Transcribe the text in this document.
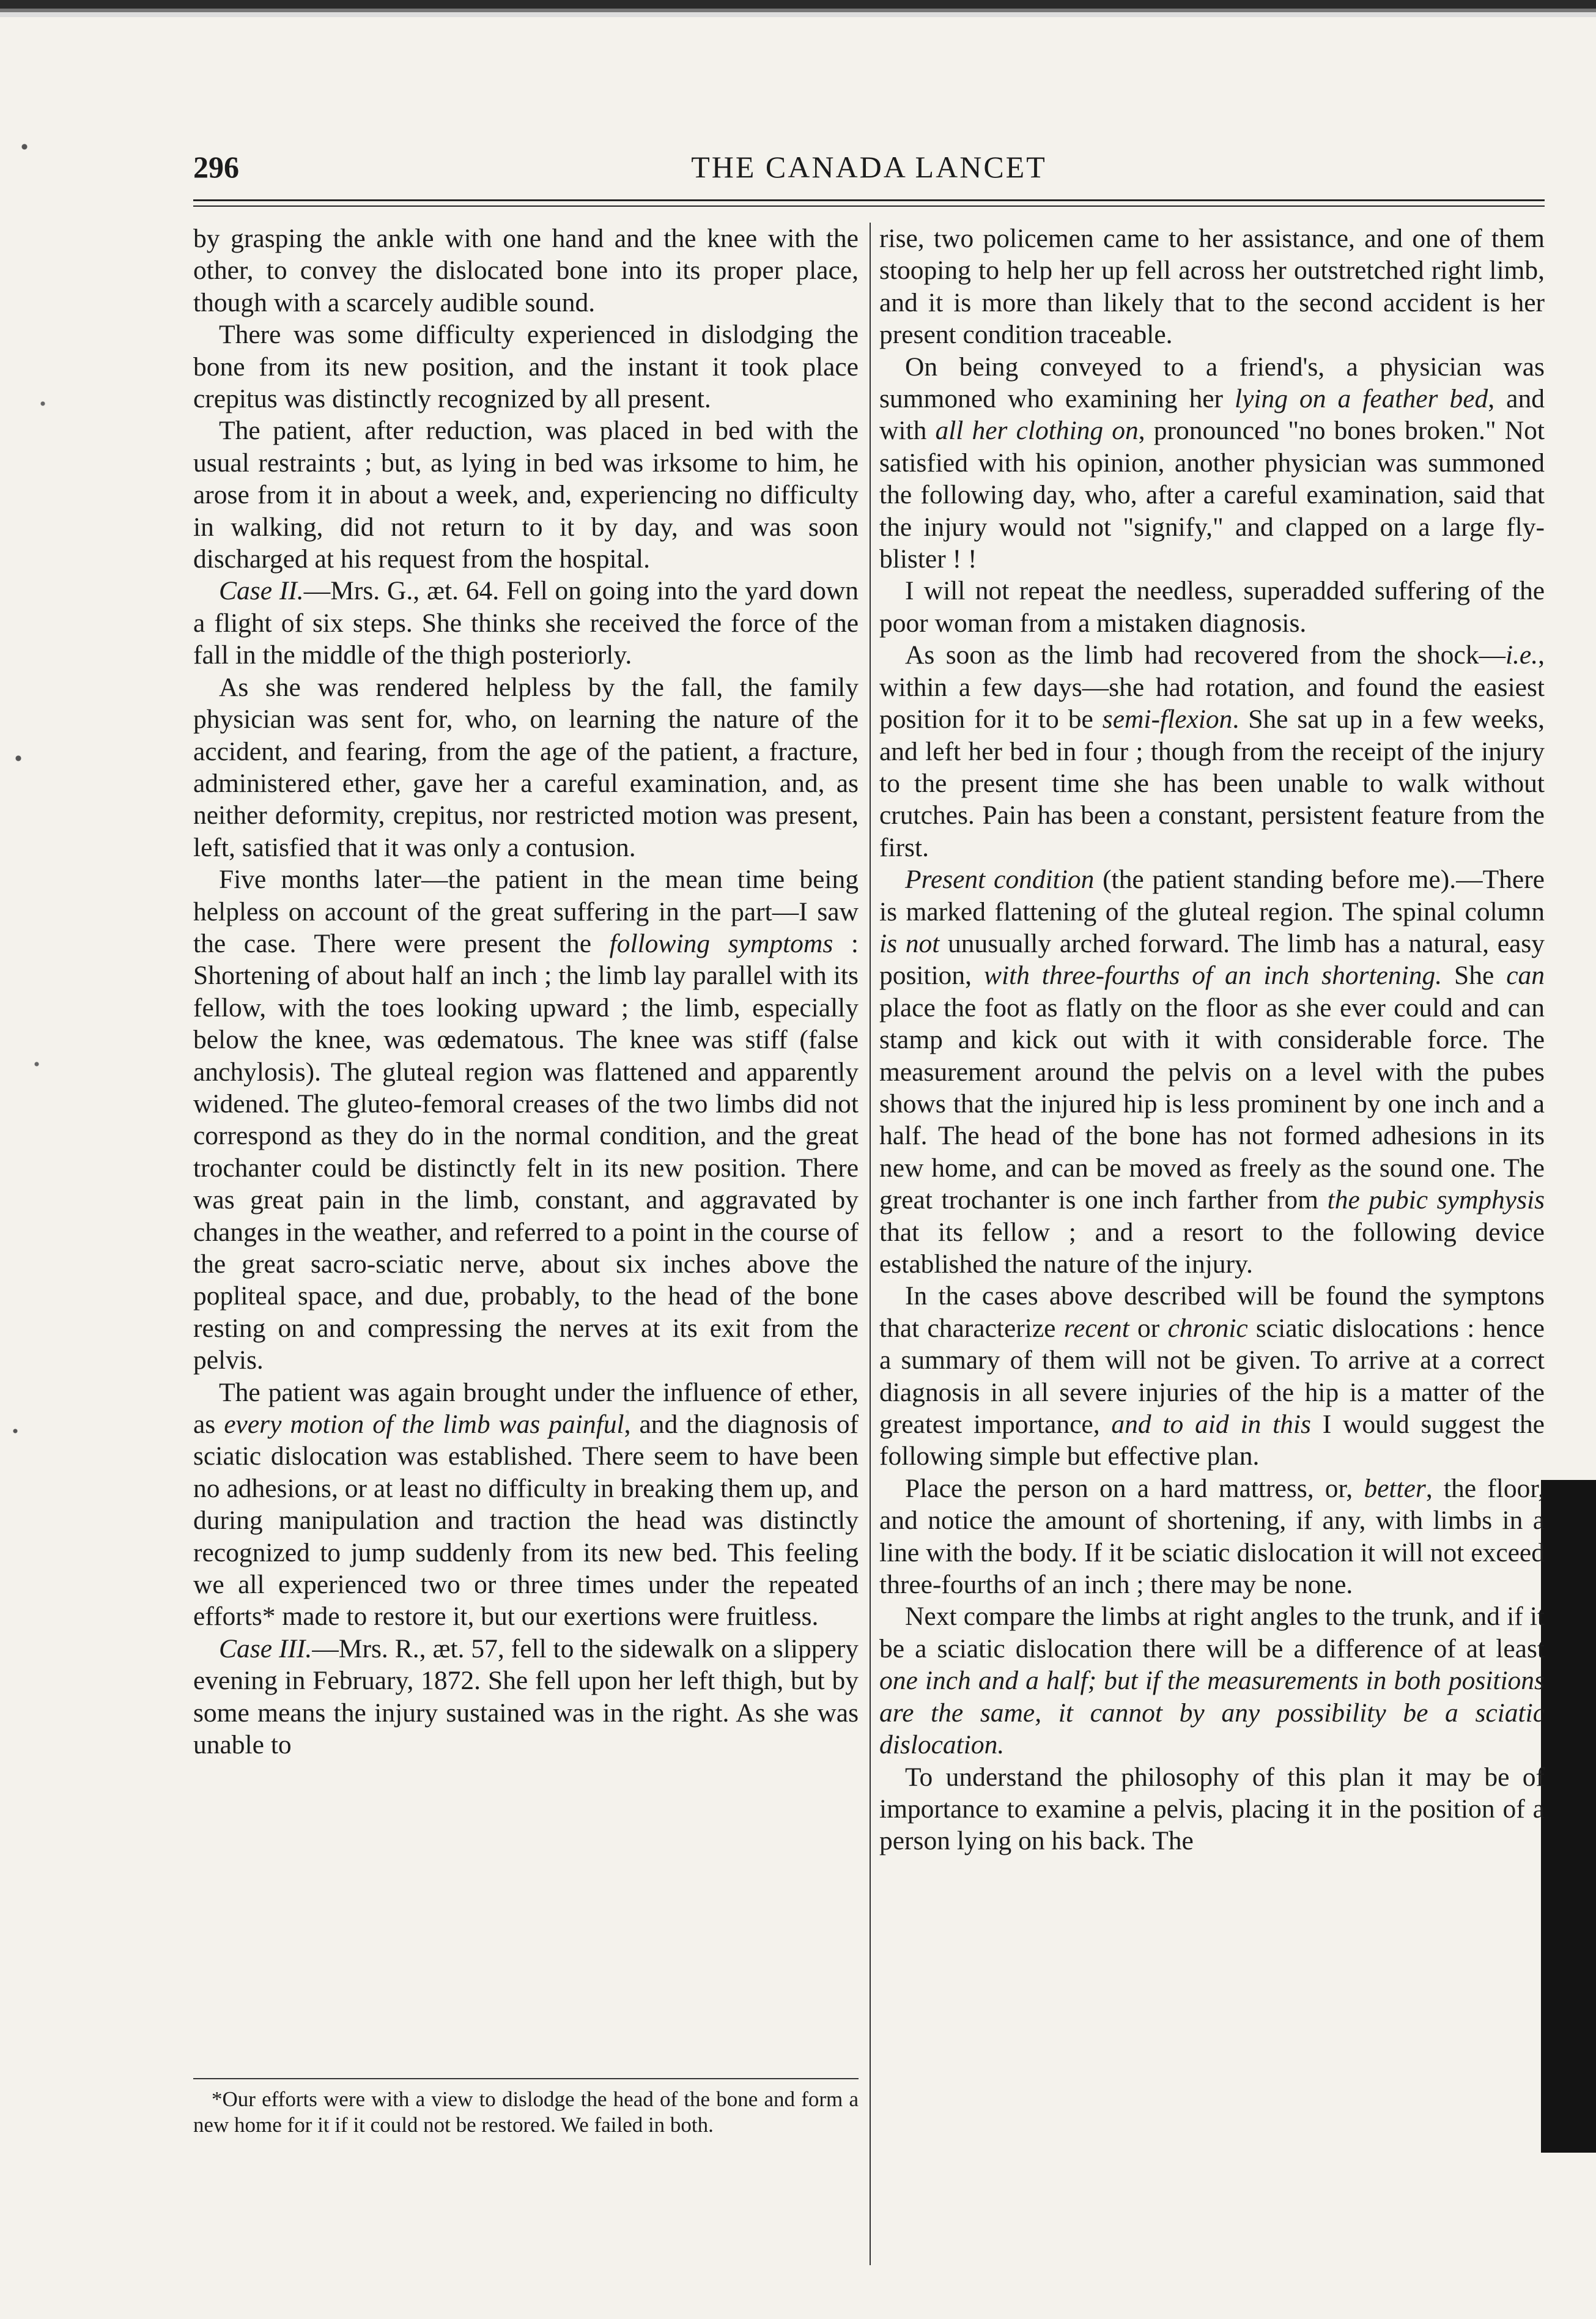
296	THE CANADA LANCET

by grasping the ankle with one hand and the knee with the other, to convey the dislocated bone into its proper place, though with a scarcely audible sound.

There was some difficulty experienced in dislodging the bone from its new position, and the instant it took place crepitus was distinctly recognized by all present.

The patient, after reduction, was placed in bed with the usual restraints ; but, as lying in bed was irksome to him, he arose from it in about a week, and, experiencing no difficulty in walking, did not return to it by day, and was soon discharged at his request from the hospital.

Case II.—Mrs. G., æt. 64. Fell on going into the yard down a flight of six steps. She thinks she received the force of the fall in the middle of the thigh posteriorly.

As she was rendered helpless by the fall, the family physician was sent for, who, on learning the nature of the accident, and fearing, from the age of the patient, a fracture, administered ether, gave her a careful examination, and, as neither deformity, crepitus, nor restricted motion was present, left, satisfied that it was only a contusion.

Five months later—the patient in the mean time being helpless on account of the great suffering in the part—I saw the case. There were present the following symptoms : Shortening of about half an inch ; the limb lay parallel with its fellow, with the toes looking upward ; the limb, especially below the knee, was œdematous. The knee was stiff (false anchylosis). The gluteal region was flattened and apparently widened. The gluteo-femoral creases of the two limbs did not correspond as they do in the normal condition, and the great trochanter could be distinctly felt in its new position. There was great pain in the limb, constant, and aggravated by changes in the weather, and referred to a point in the course of the great sacro-sciatic nerve, about six inches above the popliteal space, and due, probably, to the head of the bone resting on and compressing the nerves at its exit from the pelvis.

The patient was again brought under the influence of ether, as every motion of the limb was painful, and the diagnosis of sciatic dislocation was established. There seem to have been no adhesions, or at least no difficulty in breaking them up, and during manipulation and traction the head was distinctly recognized to jump suddenly from its new bed. This feeling we all experienced two or three times under the repeated efforts* made to restore it, but our exertions were fruitless.

Case III.—Mrs. R., æt. 57, fell to the sidewalk on a slippery evening in February, 1872. She fell upon her left thigh, but by some means the injury sustained was in the right. As she was unable to

*Our efforts were with a view to dislodge the head of the bone and form a new home for it if it could not be restored. We failed in both.

rise, two policemen came to her assistance, and one of them stooping to help her up fell across her outstretched right limb, and it is more than likely that to the second accident is her present condition traceable.

On being conveyed to a friend's, a physician was summoned who examining her lying on a feather bed, and with all her clothing on, pronounced "no bones broken." Not satisfied with his opinion, another physician was summoned the following day, who, after a careful examination, said that the injury would not "signify," and clapped on a large fly-blister ! !

I will not repeat the needless, superadded suffering of the poor woman from a mistaken diagnosis.

As soon as the limb had recovered from the shock—i.e., within a few days—she had rotation, and found the easiest position for it to be semi-flexion. She sat up in a few weeks, and left her bed in four ; though from the receipt of the injury to the present time she has been unable to walk without crutches. Pain has been a constant, persistent feature from the first.

Present condition (the patient standing before me).—There is marked flattening of the gluteal region. The spinal column is not unusually arched forward. The limb has a natural, easy position, with three-fourths of an inch shortening. She can place the foot as flatly on the floor as she ever could and can stamp and kick out with it with considerable force. The measurement around the pelvis on a level with the pubes shows that the injured hip is less prominent by one inch and a half. The head of the bone has not formed adhesions in its new home, and can be moved as freely as the sound one. The great trochanter is one inch farther from the pubic symphysis that its fellow ; and a resort to the following device established the nature of the injury.

In the cases above described will be found the symptons that characterize recent or chronic sciatic dislocations : hence a summary of them will not be given. To arrive at a correct diagnosis in all severe injuries of the hip is a matter of the greatest importance, and to aid in this I would suggest the following simple but effective plan.

Place the person on a hard mattress, or, better, the floor, and notice the amount of shortening, if any, with limbs in a line with the body. If it be sciatic dislocation it will not exceed three-fourths of an inch ; there may be none.

Next compare the limbs at right angles to the trunk, and if it be a sciatic dislocation there will be a difference of at least one inch and a half; but if the measurements in both positions are the same, it cannot by any possibility be a sciatic dislocation.

To understand the philosophy of this plan it may be of importance to examine a pelvis, placing it in the position of a person lying on his back. The
